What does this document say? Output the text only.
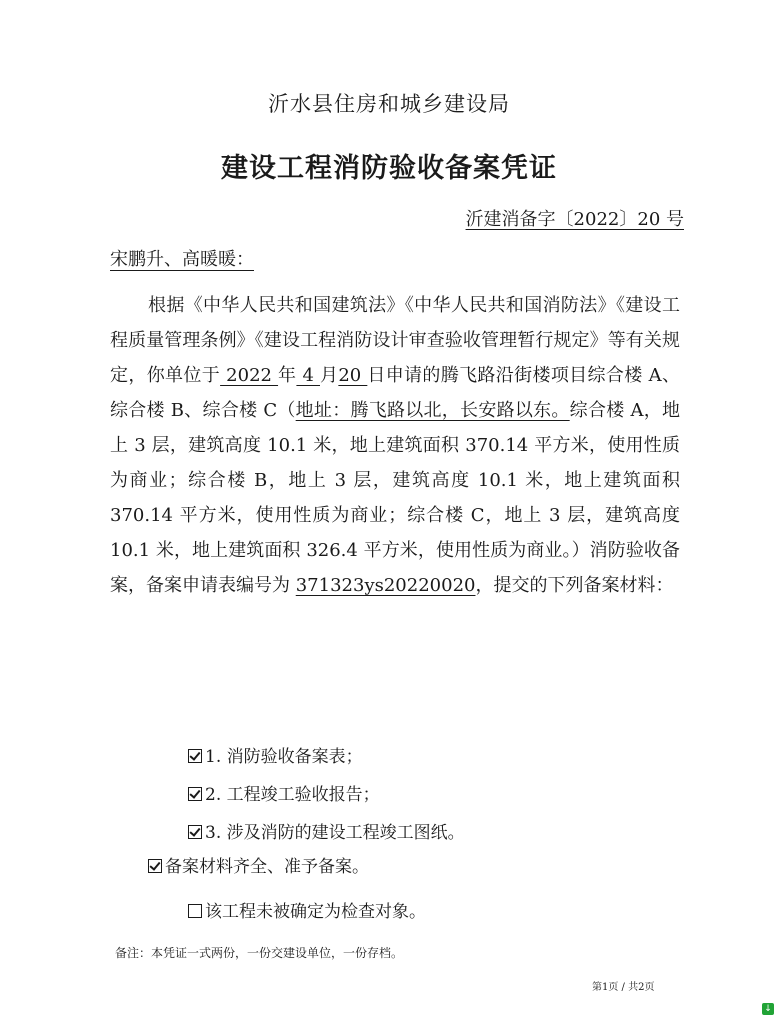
沂水县住房和城乡建设局
建设工程消防验收备案凭证
沂建消备字〔2022〕20 号
宋鹏升、高暖暖：

根据《中华人民共和国建筑法》《中华人民共和国消防法》《建设工程质量管理条例》《建设工程消防设计审查验收管理暂行规定》等有关规定，你单位于 2022 年 4 月20 日申请的腾飞路沿街楼项目综合楼 A、综合楼 B、综合楼 C（地址：腾飞路以北，长安路以东。综合楼 A，地上 3 层，建筑高度 10.1 米，地上建筑面积 370.14 平方米，使用性质为商业；综合楼 B，地上 3 层，建筑高度 10.1 米，地上建筑面积 370.14 平方米，使用性质为商业；综合楼 C，地上 3 层，建筑高度 10.1 米，地上建筑面积 326.4 平方米，使用性质为商业。）消防验收备案，备案申请表编号为 371323ys20220020，提交的下列备案材料：

1. 消防验收备案表；
2. 工程竣工验收报告；
3. 涉及消防的建设工程竣工图纸。
备案材料齐全、准予备案。
该工程未被确定为检查对象。
备注：本凭证一式两份，一份交建设单位，一份存档。
第1页 / 共2页
↓
